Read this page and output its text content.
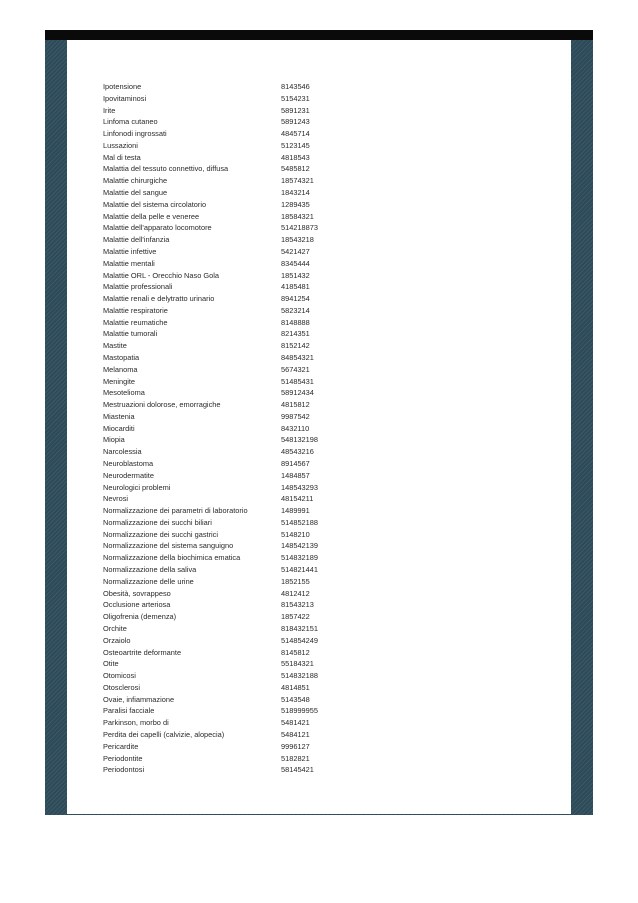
Ipotensione	8143546
Ipovitaminosi	5154231
Irite	5891231
Linfoma cutaneo	5891243
Linfonodi ingrossati	4845714
Lussazioni	5123145
Mal di testa	4818543
Malattia del tessuto connettivo, diffusa	5485812
Malattie chirurgiche	18574321
Malattie del sangue	1843214
Malattie del sistema circolatorio	1289435
Malattie della pelle e veneree	18584321
Malattie dell'apparato locomotore	514218873
Malattie dell'infanzia	18543218
Malattie infettive	5421427
Malattie mentali	8345444
Malattie ORL - Orecchio Naso Gola	1851432
Malattie professionali	4185481
Malattie renali e delytratto urinario	8941254
Malattie respiratorie	5823214
Malattie reumatiche	8148888
Malattie tumorali	8214351
Mastite	8152142
Mastopatia	84854321
Melanoma	5674321
Meningite	51485431
Mesotelioma	58912434
Mestruazioni dolorose, emorragiche	4815812
Miastenia	9987542
Miocarditi	8432110
Miopia	548132198
Narcolessia	48543216
Neuroblastoma	8914567
Neurodermatite	1484857
Neurologici problemi	148543293
Nevrosi	48154211
Normalizzazione dei parametri di laboratorio	1489991
Normalizzazione dei succhi biliari	514852188
Normalizzazione dei succhi gastrici	5148210
Normalizzazione del sistema sanguigno	148542139
Normalizzazione della biochimica ematica	514832189
Normalizzazione della saliva	514821441
Normalizzazione delle urine	1852155
Obesità, sovrappeso	4812412
Occlusione arteriosa	81543213
Oligofrenia (demenza)	1857422
Orchite	818432151
Orzaiolo	514854249
Osteoartrite deformante	8145812
Otite	55184321
Otomicosi	514832188
Otosclerosi	4814851
Ovaie, infiammazione	5143548
Paralisi facciale	518999955
Parkinson, morbo di	5481421
Perdita dei capelli (calvizie, alopecia)	5484121
Pericardite	9996127
Periodontite	5182821
Periodontosi	58145421
